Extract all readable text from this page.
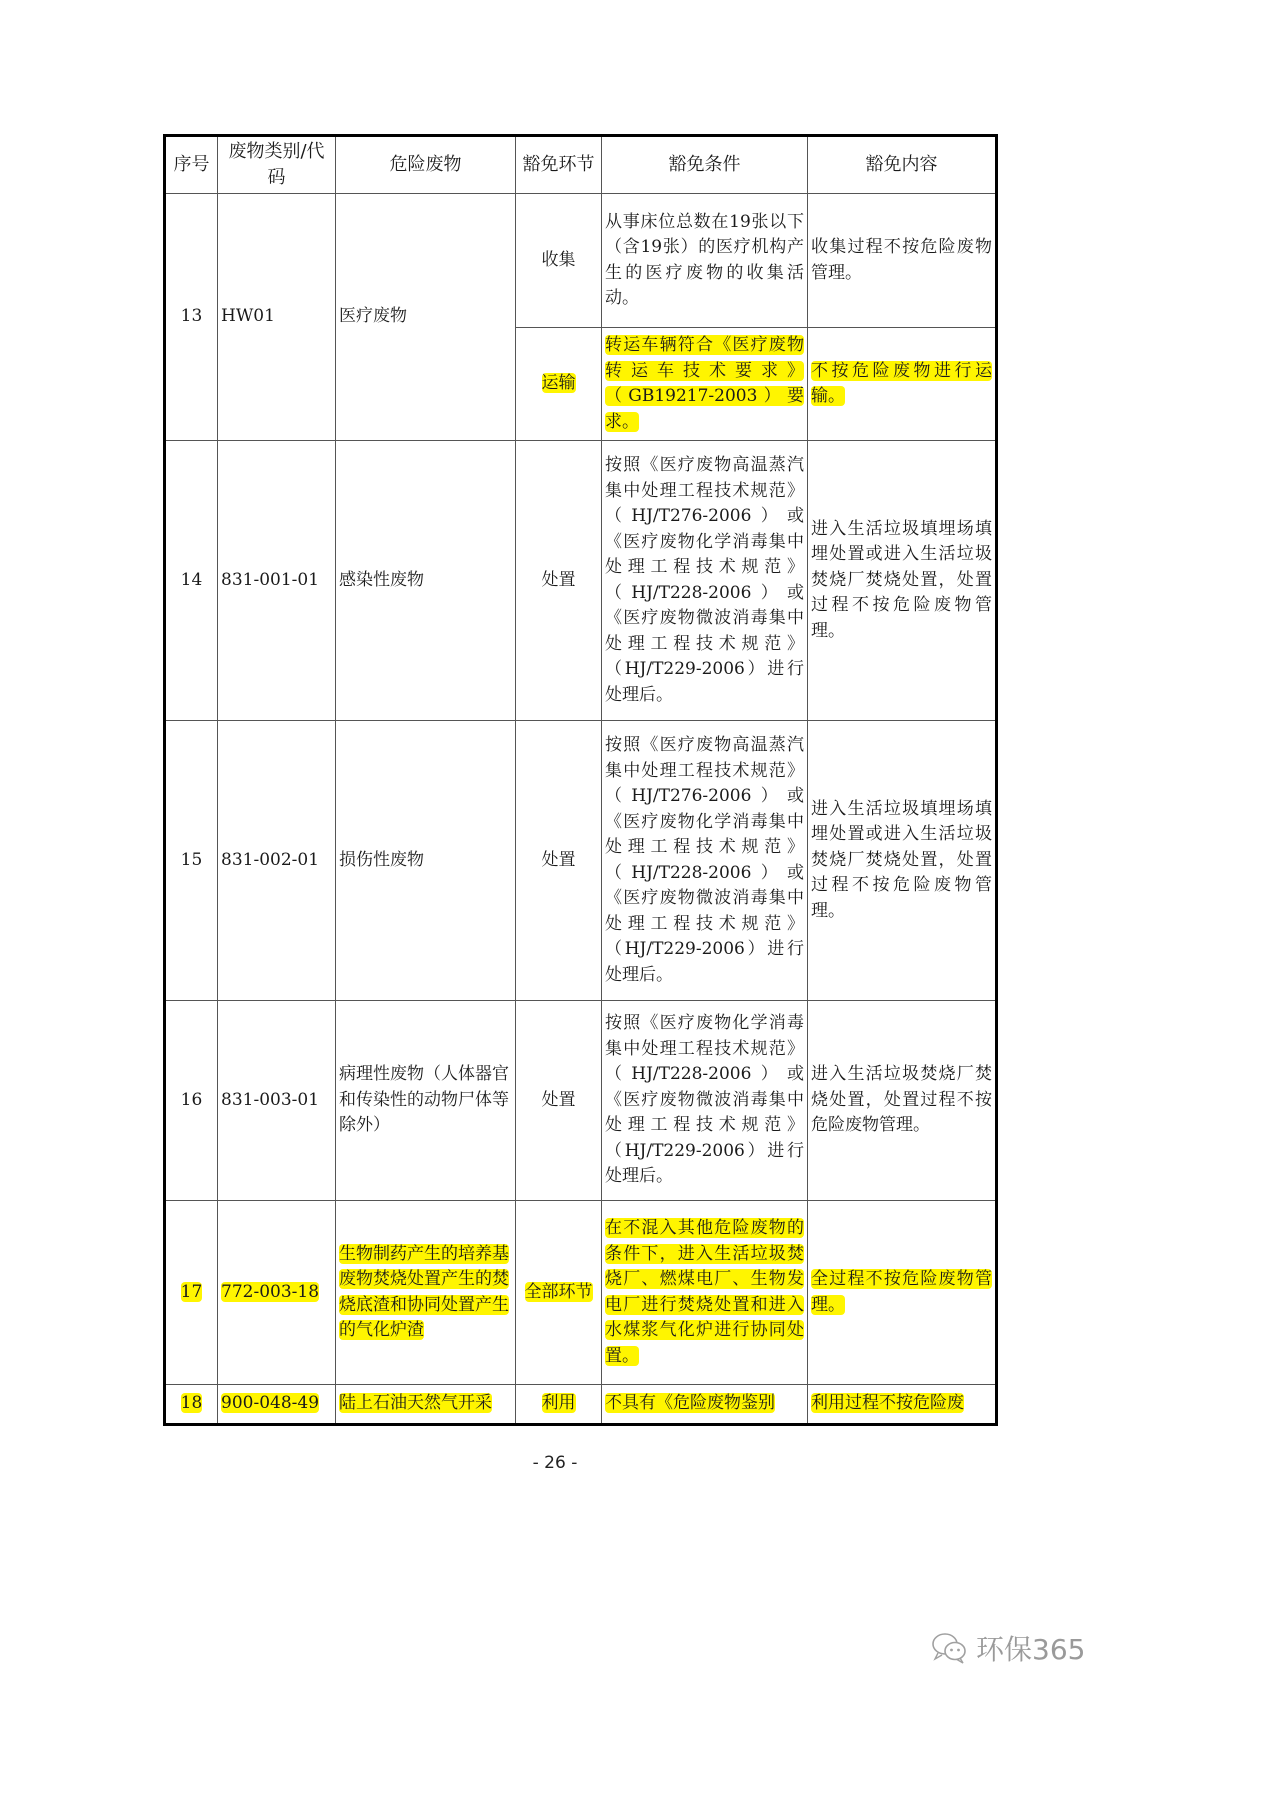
序号	废物类别/代码	危险废物	豁免环节	豁免条件	豁免内容
13	HW01	医疗废物	收集	从事床位总数在19张以下（含19张）的医疗机构产生的医疗废物的收集活动。	收集过程不按危险废物管理。
			运输	转运车辆符合《医疗废物转运车技术要求》（GB19217-2003）要求。	不按危险废物进行运输。
14	831-001-01	感染性废物	处置	按照《医疗废物高温蒸汽集中处理工程技术规范》（HJ/T276-2006）或《医疗废物化学消毒集中处理工程技术规范》（HJ/T228-2006）或《医疗废物微波消毒集中处理工程技术规范》（HJ/T229-2006）进行处理后。	进入生活垃圾填埋场填埋处置或进入生活垃圾焚烧厂焚烧处置，处置过程不按危险废物管理。
15	831-002-01	损伤性废物	处置	按照《医疗废物高温蒸汽集中处理工程技术规范》（HJ/T276-2006）或《医疗废物化学消毒集中处理工程技术规范》（HJ/T228-2006）或《医疗废物微波消毒集中处理工程技术规范》（HJ/T229-2006）进行处理后。	进入生活垃圾填埋场填埋处置或进入生活垃圾焚烧厂焚烧处置，处置过程不按危险废物管理。
16	831-003-01	病理性废物（人体器官和传染性的动物尸体等除外）	处置	按照《医疗废物化学消毒集中处理工程技术规范》（HJ/T228-2006）或《医疗废物微波消毒集中处理工程技术规范》（HJ/T229-2006）进行处理后。	进入生活垃圾焚烧厂焚烧处置，处置过程不按危险废物管理。
17	772-003-18	生物制药产生的培养基废物焚烧处置产生的焚烧底渣和协同处置产生的气化炉渣	全部环节	在不混入其他危险废物的条件下，进入生活垃圾焚烧厂、燃煤电厂、生物发电厂进行焚烧处置和进入水煤浆气化炉进行协同处置。	全过程不按危险废物管理。
18	900-048-49	陆上石油天然气开采	利用	不具有《危险废物鉴别	利用过程不按危险废
- 26 -
环保365
